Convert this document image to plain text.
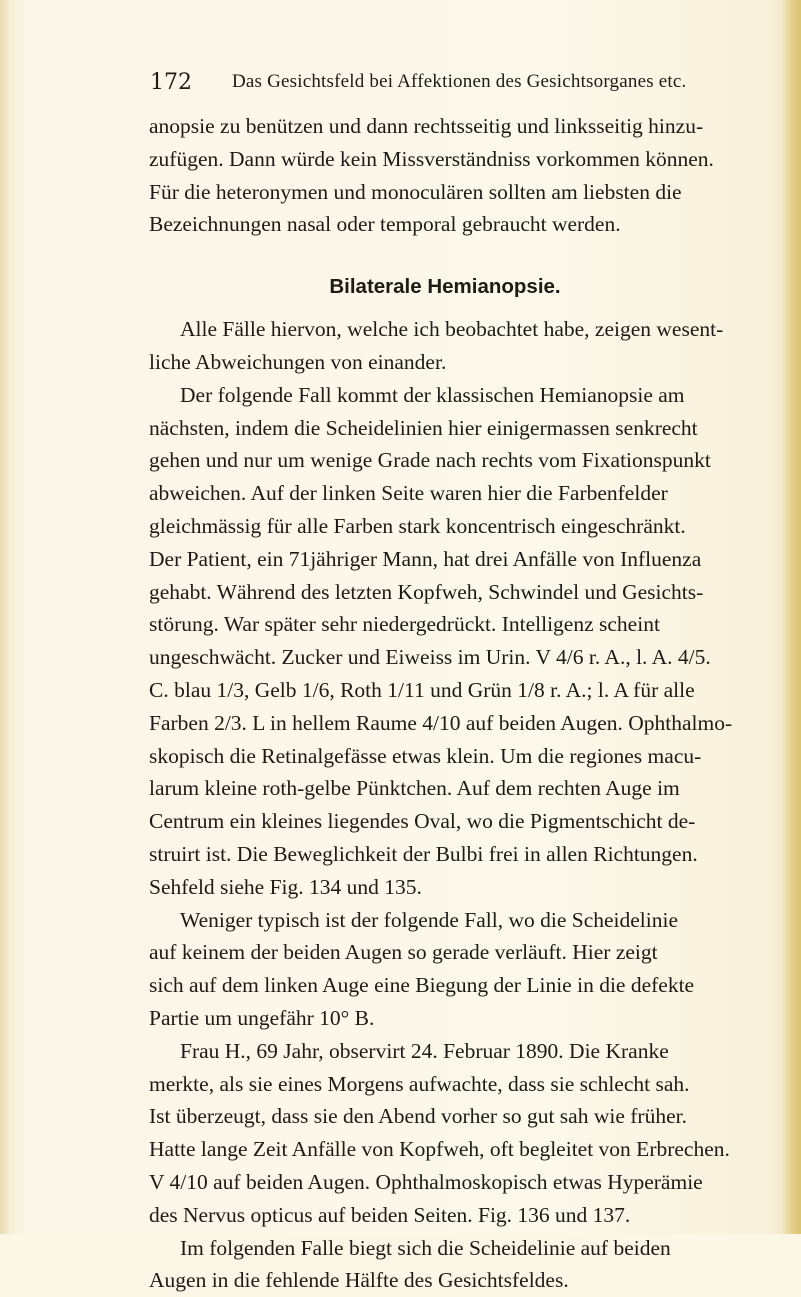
172 Das Gesichtsfeld bei Affektionen des Gesichtsorganes etc.
anopsie zu benützen und dann rechtsseitig und linksseitig hinzu-
zufügen. Dann würde kein Missverständniss vorkommen können.
Für die heteronymen und monoculären sollten am liebsten die
Bezeichnungen nasal oder temporal gebraucht werden.
Bilaterale Hemianopsie.
Alle Fälle hiervon, welche ich beobachtet habe, zeigen wesent-
liche Abweichungen von einander.
Der folgende Fall kommt der klassischen Hemianopsie am
nächsten, indem die Scheidelinien hier einigermassen senkrecht
gehen und nur um wenige Grade nach rechts vom Fixationspunkt
abweichen. Auf der linken Seite waren hier die Farbenfelder
gleichmässig für alle Farben stark koncentrisch eingeschränkt.
Der Patient, ein 71jähriger Mann, hat drei Anfälle von Influenza
gehabt. Während des letzten Kopfweh, Schwindel und Gesichts-
störung. War später sehr niedergedrückt. Intelligenz scheint
ungeschwächt. Zucker und Eiweiss im Urin. V 4/6 r. A., l. A. 4/5.
C. blau 1/3, Gelb 1/6, Roth 1/11 und Grün 1/8 r. A.; l. A für alle
Farben 2/3. L in hellem Raume 4/10 auf beiden Augen. Ophthalmo-
skopisch die Retinalgefässe etwas klein. Um die regiones macu-
larum kleine roth-gelbe Pünktchen. Auf dem rechten Auge im
Centrum ein kleines liegendes Oval, wo die Pigmentschicht de-
struirt ist. Die Beweglichkeit der Bulbi frei in allen Richtungen.
Sehfeld siehe Fig. 134 und 135.
Weniger typisch ist der folgende Fall, wo die Scheidelinie
auf keinem der beiden Augen so gerade verläuft. Hier zeigt
sich auf dem linken Auge eine Biegung der Linie in die defekte
Partie um ungefähr 10° B.
Frau H., 69 Jahr, observirt 24. Februar 1890. Die Kranke
merkte, als sie eines Morgens aufwachte, dass sie schlecht sah.
Ist überzeugt, dass sie den Abend vorher so gut sah wie früher.
Hatte lange Zeit Anfälle von Kopfweh, oft begleitet von Erbrechen.
V 4/10 auf beiden Augen. Ophthalmoskopisch etwas Hyperämie
des Nervus opticus auf beiden Seiten. Fig. 136 und 137.
Im folgenden Falle biegt sich die Scheidelinie auf beiden
Augen in die fehlende Hälfte des Gesichtsfeldes.
